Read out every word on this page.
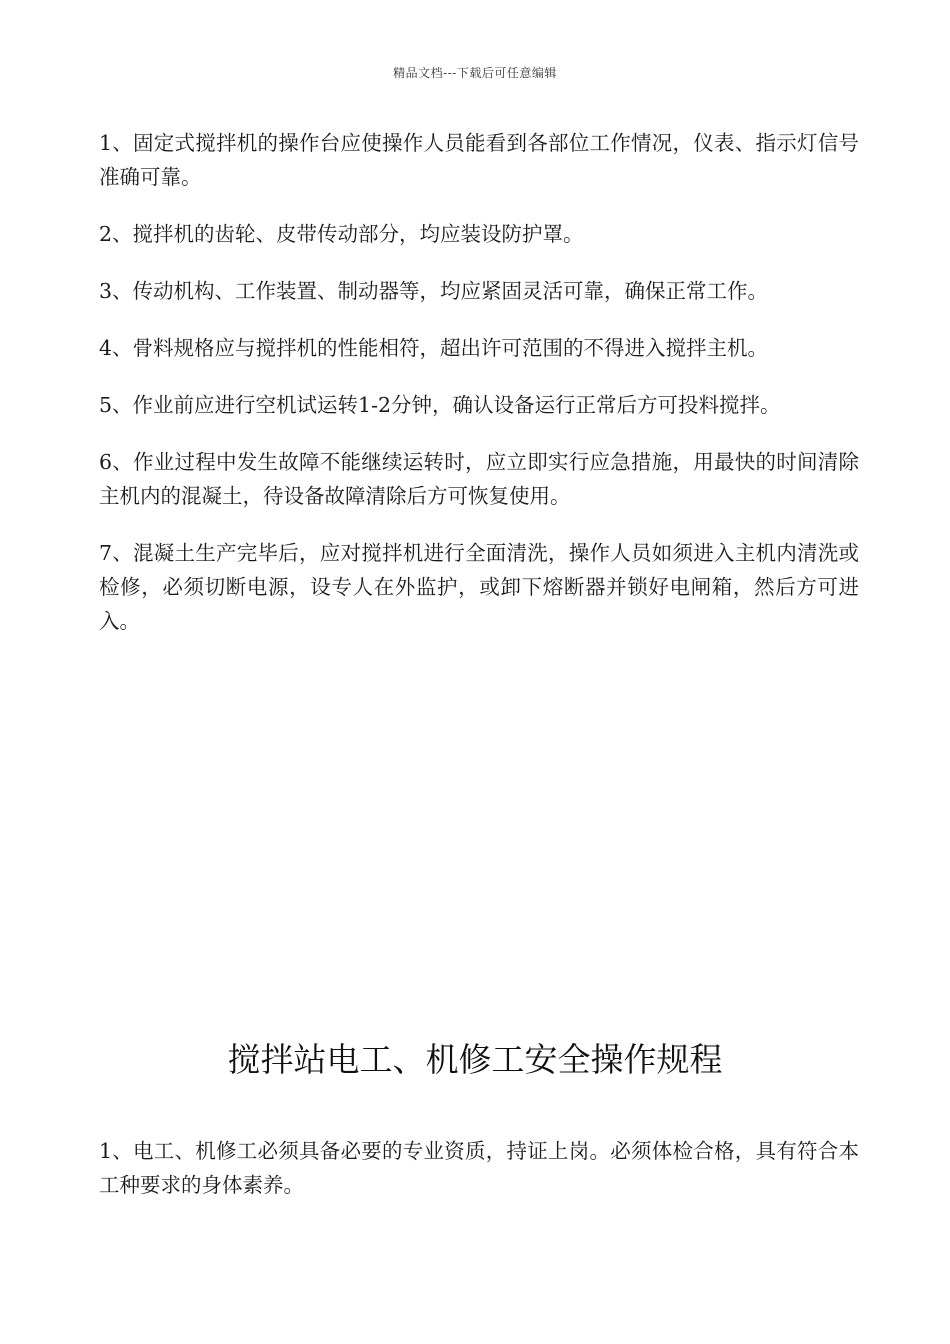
精品文档---下载后可任意编辑

1、固定式搅拌机的操作台应使操作人员能看到各部位工作情况，仪表、指示灯信号准确可靠。

2、搅拌机的齿轮、皮带传动部分，均应装设防护罩。

3、传动机构、工作装置、制动器等，均应紧固灵活可靠，确保正常工作。

4、骨料规格应与搅拌机的性能相符，超出许可范围的不得进入搅拌主机。

5、作业前应进行空机试运转1-2分钟，确认设备运行正常后方可投料搅拌。

6、作业过程中发生故障不能继续运转时，应立即实行应急措施，用最快的时间清除主机内的混凝土，待设备故障清除后方可恢复使用。

7、混凝土生产完毕后，应对搅拌机进行全面清洗，操作人员如须进入主机内清洗或检修，必须切断电源，设专人在外监护，或卸下熔断器并锁好电闸箱，然后方可进入。

搅拌站电工、机修工安全操作规程

1、电工、机修工必须具备必要的专业资质，持证上岗。必须体检合格，具有符合本工种要求的身体素养。
